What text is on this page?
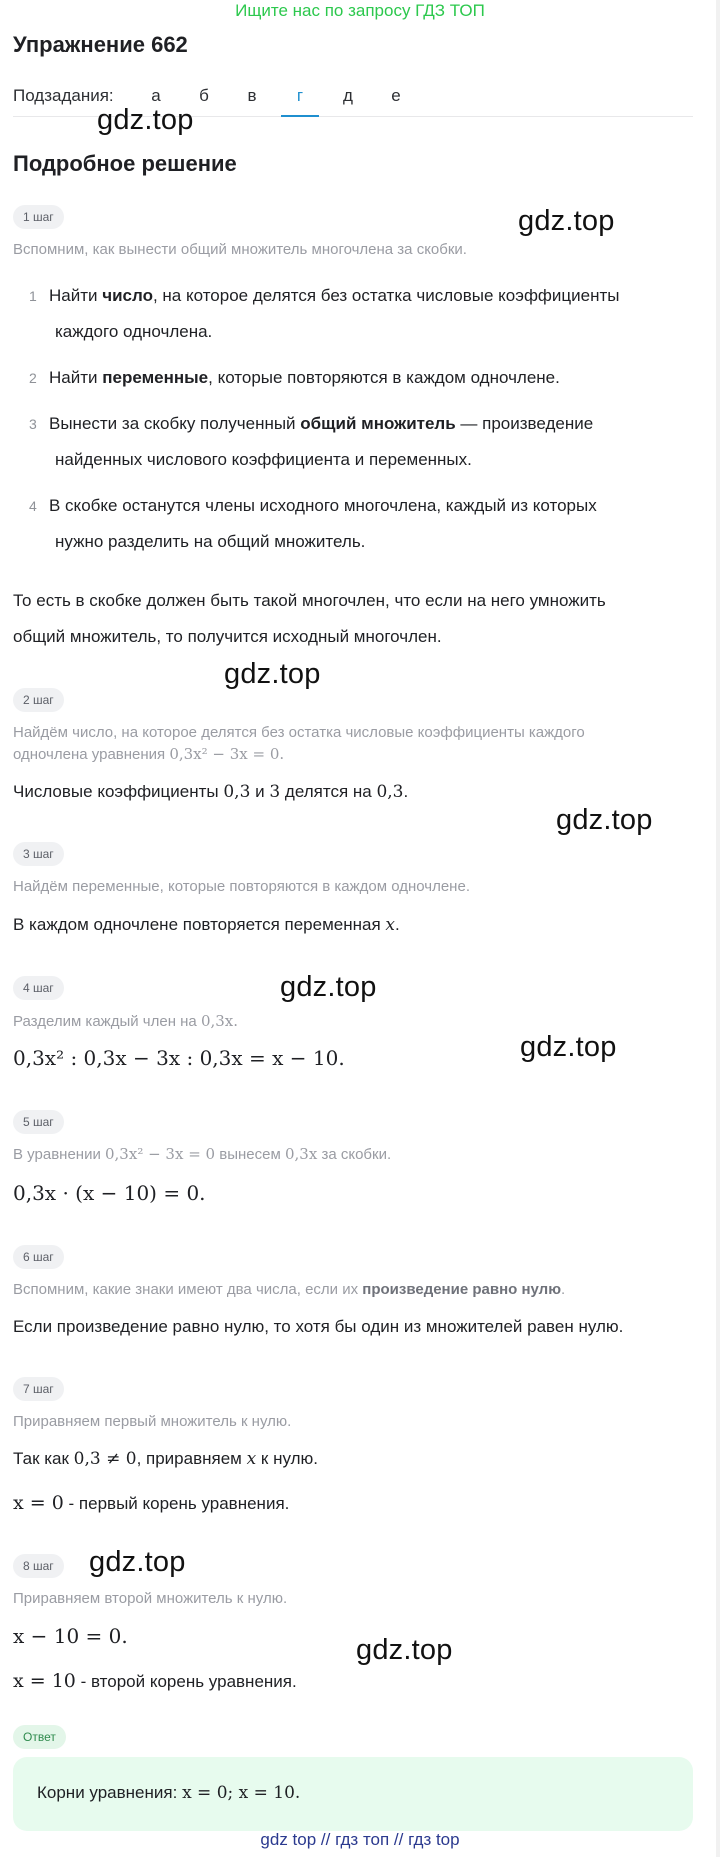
Ищите нас по запросу ГДЗ ТОП
Упражнение 662
Подзадания:	а	б	в	г	д	е
gdz.top
Подробное решение
1 шаг	gdz.top
Вспомним, как вынести общий множитель многочлена за скобки.
1 Найти число, на которое делятся без остатка числовые коэффициенты
каждого одночлена.
2 Найти переменные, которые повторяются в каждом одночлене.
3 Вынести за скобку полученный общий множитель — произведение
найденных числового коэффициента и переменных.
4 В скобке останутся члены исходного многочлена, каждый из которых
нужно разделить на общий множитель.
То есть в скобке должен быть такой многочлен, что если на него умножить
общий множитель, то получится исходный многочлен.
gdz.top
2 шаг
Найдём число, на которое делятся без остатка числовые коэффициенты каждого
одночлена уравнения 0,3x² − 3x = 0.
Числовые коэффициенты 0,3 и 3 делятся на 0,3.
gdz.top
3 шаг
Найдём переменные, которые повторяются в каждом одночлене.
В каждом одночлене повторяется переменная x.
gdz.top
4 шаг
Разделим каждый член на 0,3x.
gdz.top
0,3x² : 0,3x − 3x : 0,3x = x − 10.
5 шаг
В уравнении 0,3x² − 3x = 0 вынесем 0,3x за скобки.
0,3x · (x − 10) = 0.
6 шаг
Вспомним, какие знаки имеют два числа, если их произведение равно нулю.
Если произведение равно нулю, то хотя бы один из множителей равен нулю.
7 шаг
Приравняем первый множитель к нулю.
Так как 0,3 ≠ 0, приравняем x к нулю.
x = 0 - первый корень уравнения.
8 шаг	gdz.top
Приравняем второй множитель к нулю.
x − 10 = 0.	gdz.top
x = 10 - второй корень уравнения.
Ответ
Корни уравнения: x = 0; x = 10.
gdz top // гдз топ // гдз top
